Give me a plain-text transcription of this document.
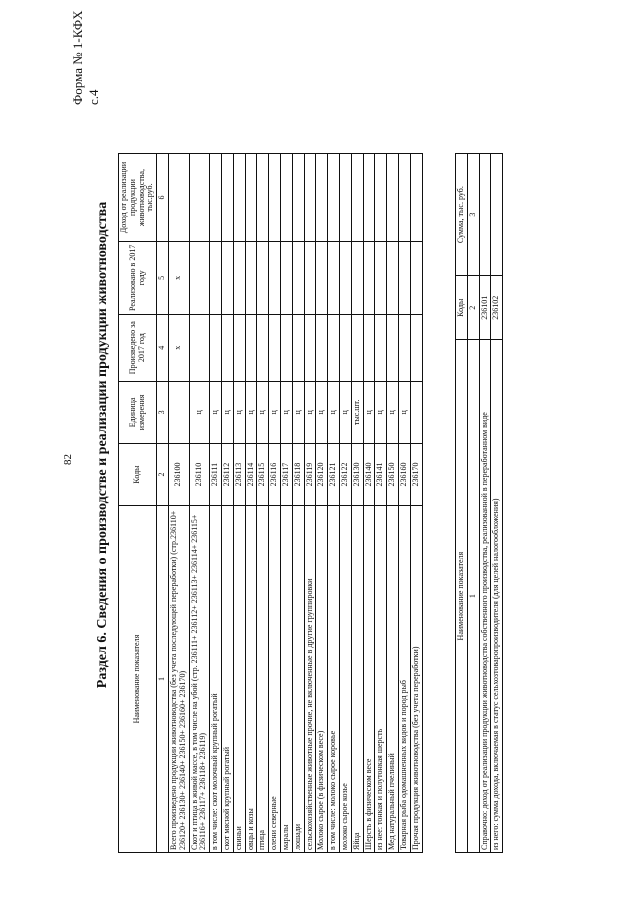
82
Форма № 1-КФХ с.4
Раздел 6. Сведения о производстве и реализации продукции животноводства	Наименование показателя	Коды	Единица измерения	Произведено за 2017 год	Реализовано в 2017 году	Доход от реализации продукции животноводства, тыс.руб.
1	2	3	4	5	6
Всего произведено продукции животноводства (без учета последующей переработки) (стр.236110+ 236120+ 236130+ 236140+ 236150+ 236160+ 236170)	236100		x	x	
Скот и птица в живой массе, в том числе на убой (стр. 236111+ 236112+ 236113+ 236114+ 236115+ 236116+ 236117+ 236118+ 236119)	236110	ц			
в том числе: скот молочный крупный рогатый	236111	ц			
скот мясной крупный рогатый	236112	ц			
свиньи	236113	ц			
овцы и козы	236114	ц			
птица	236115	ц			
олени северные	236116	ц			
маралы	236117	ц			
лошади	236118	ц			
сельскохозяйственные животные прочие, не включенные в другие группировки	236119	ц			
Молоко сырое (в физическом весе)	236120	ц			
в том числе: молоко сырое коровье	236121	ц			
молоко сырое козье	236122	ц			
Яйца	236130	тыс.шт.			
Шерсть в физическом весе	236140	ц			
из нее: тонкая и полутонкая шерсть	236141	ц			
Мед натуральный пчелиный	236150	ц			
Товарная рыба одомашненных видов и пород рыб	236160	ц			
Прочая продукция животноводства (без учета переработки)	236170				
Наименование показателя	Коды	Сумма, тыс. руб.
1	2	3
Справочно: доход от реализации продукции животноводства собственного производства, реализованной в переработанном виде	236101	
из него: сумма дохода, включаемая в статус сельхозтоваропроизводителя (для целей налогообложения)	236102	
